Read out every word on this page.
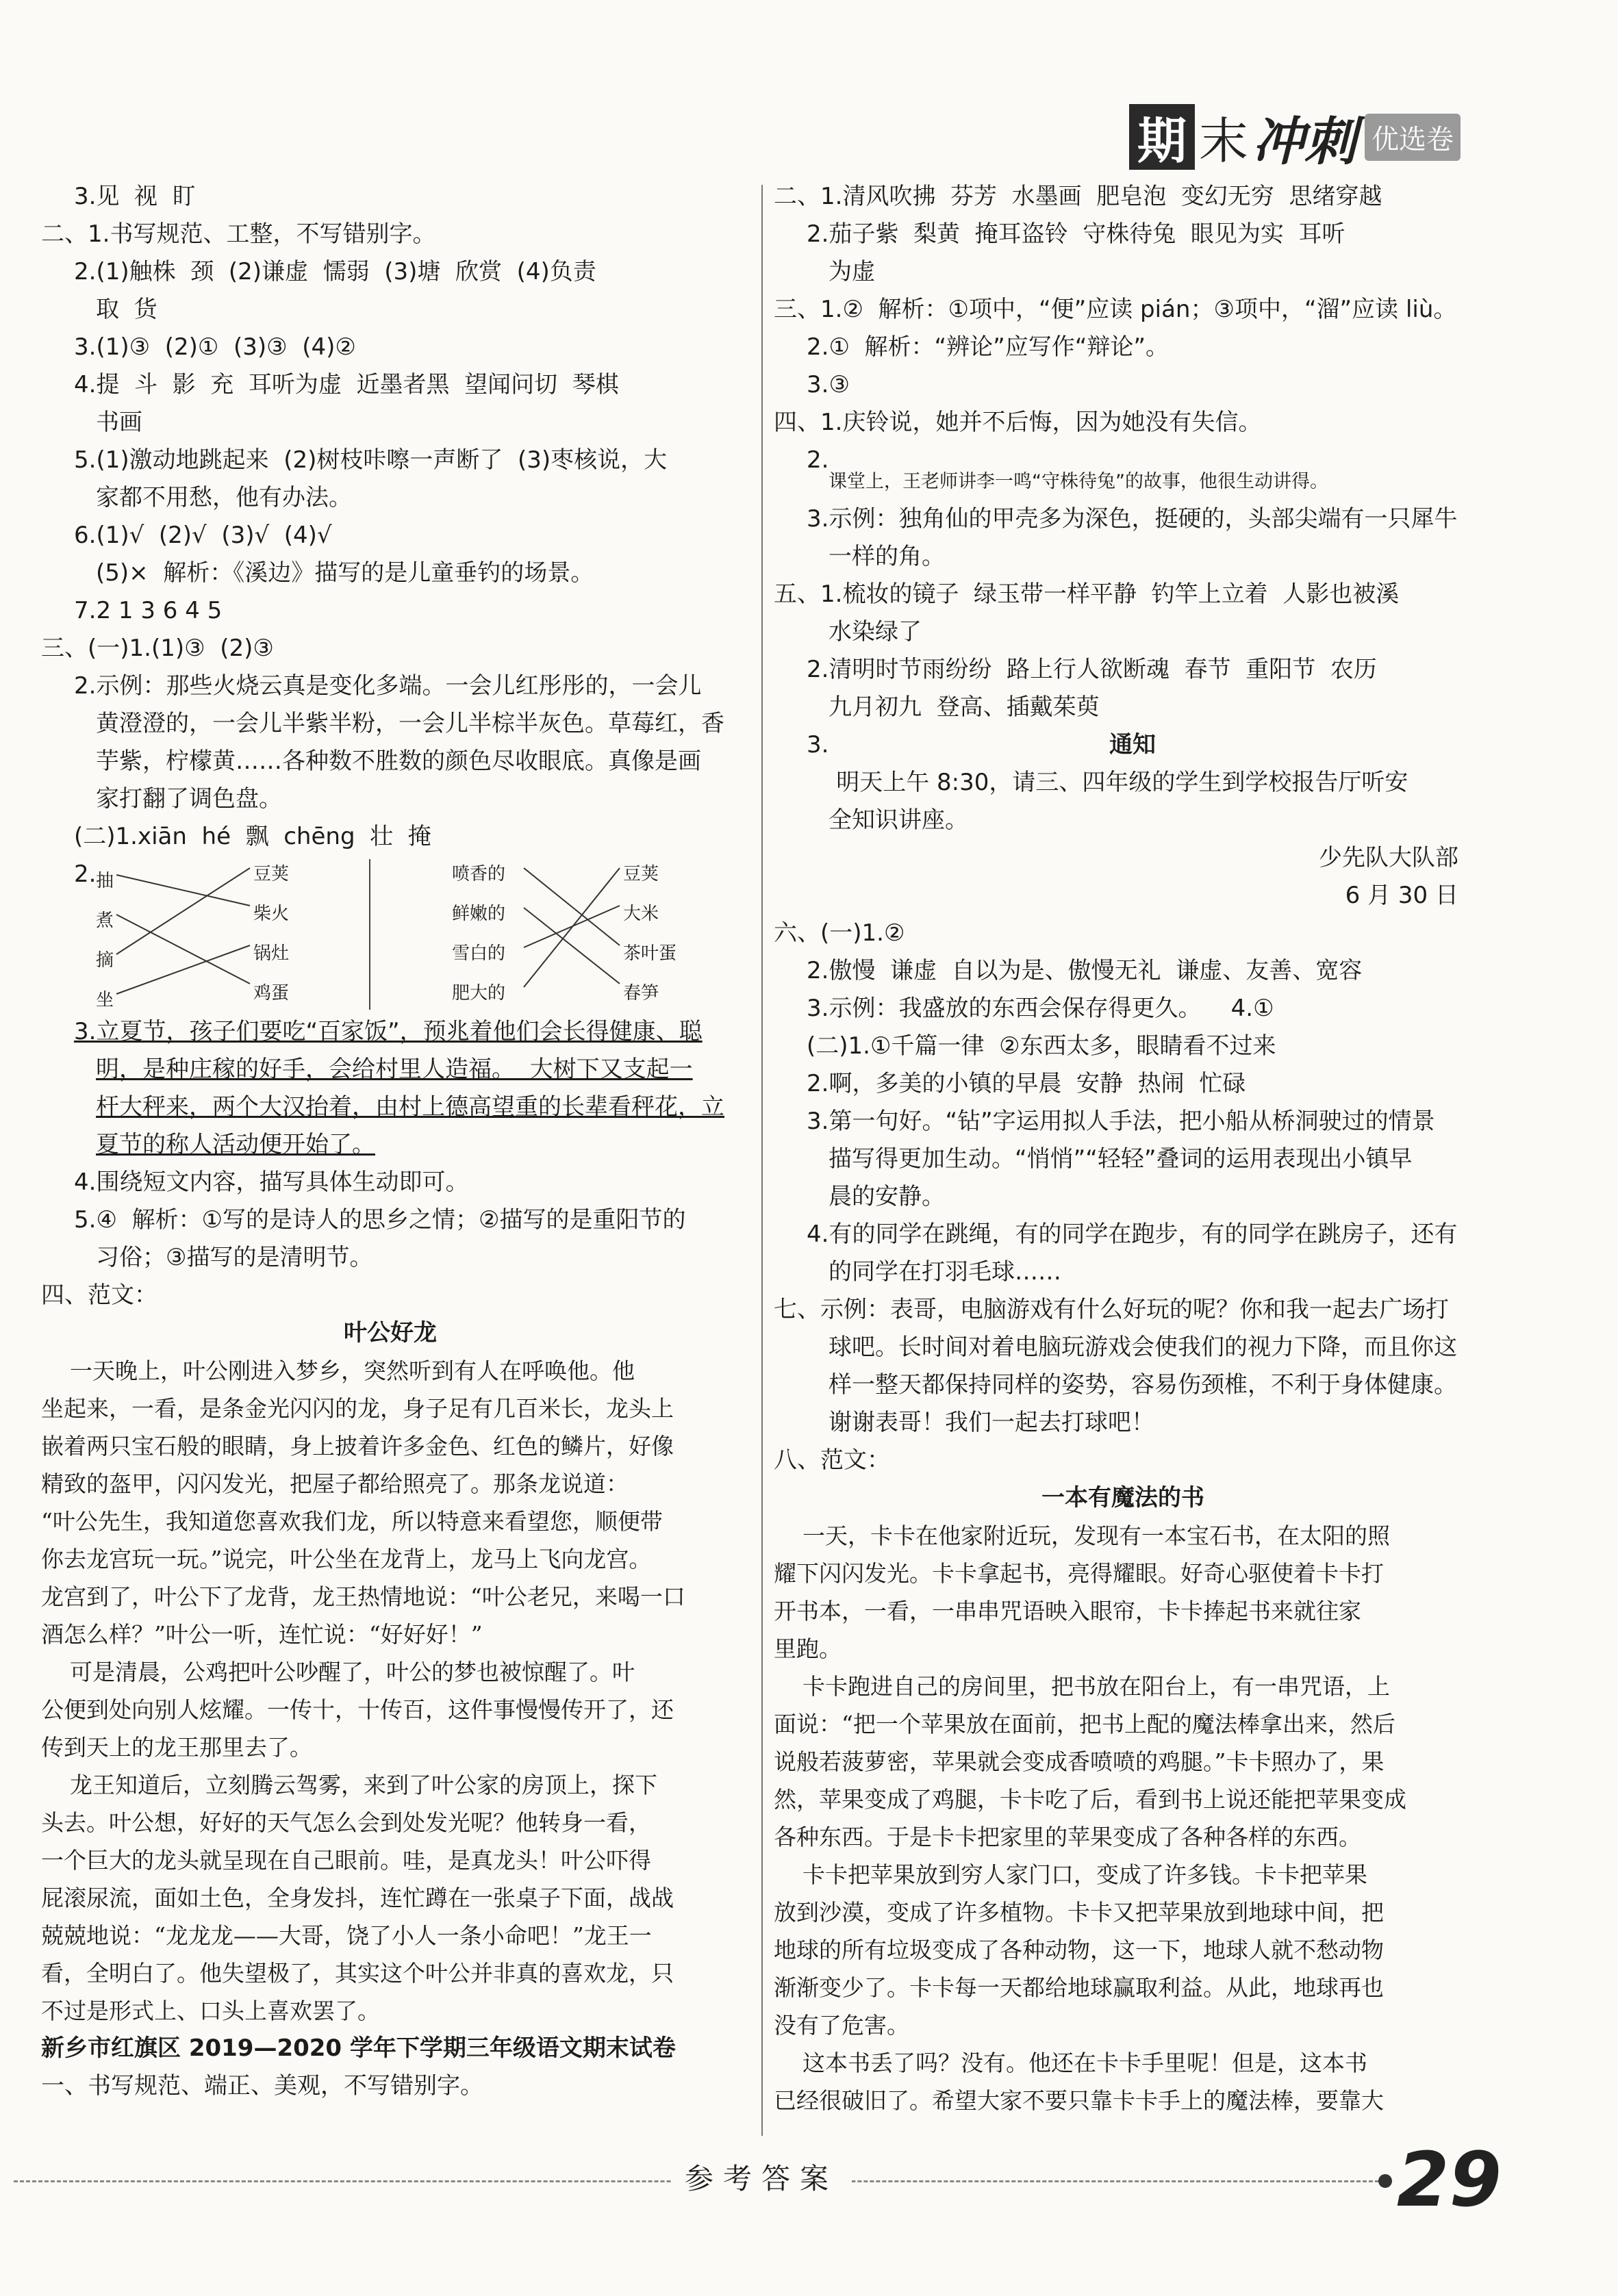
期 末 冲刺 优选卷
3.见  视  盯
二、1.书写规范、工整，不写错别字。
2.(1)触株  颈  (2)谦虚  懦弱  (3)塘  欣赏  (4)负责
取  货
3.(1)③  (2)①  (3)③  (4)②
4.提  斗  影  充  耳听为虚  近墨者黑  望闻问切  琴棋
书画
5.(1)激动地跳起来  (2)树枝咔嚓一声断了  (3)枣核说，大
家都不用愁，他有办法。
6.(1)√  (2)√  (3)√  (4)√
(5)×  解析：《溪边》描写的是儿童垂钓的场景。
7.2 1 3 6 4 5
三、(一)1.(1)③  (2)③
2.示例：那些火烧云真是变化多端。一会儿红彤彤的，一会儿
黄澄澄的，一会儿半紫半粉，一会儿半棕半灰色。草莓红，香
芋紫，柠檬黄……各种数不胜数的颜色尽收眼底。真像是画
家打翻了调色盘。
(二)1.xiān  hé  飘  chēng  壮  掩
2. 抽
煮
摘
坐
豆荚
柴火
锅灶
鸡蛋
喷香的
鲜嫩的
雪白的
肥大的
豆荚
大米
茶叶蛋
春笋
3.立夏节，孩子们要吃“百家饭”，预兆着他们会长得健康、聪
明，是种庄稼的好手，会给村里人造福。  大树下又支起一
杆大秤来，两个大汉抬着，由村上德高望重的长辈看秤花，立
夏节的称人活动便开始了。
4.围绕短文内容，描写具体生动即可。
5.④  解析：①写的是诗人的思乡之情；②描写的是重阳节的
习俗；③描写的是清明节。
四、范文：
叶公好龙
一天晚上，叶公刚进入梦乡，突然听到有人在呼唤他。他
坐起来，一看，是条金光闪闪的龙，身子足有几百米长，龙头上
嵌着两只宝石般的眼睛，身上披着许多金色、红色的鳞片，好像
精致的盔甲，闪闪发光，把屋子都给照亮了。那条龙说道：
“叶公先生，我知道您喜欢我们龙，所以特意来看望您，顺便带
你去龙宫玩一玩。”说完，叶公坐在龙背上，龙马上飞向龙宫。
龙宫到了，叶公下了龙背，龙王热情地说：“叶公老兄，来喝一口
酒怎么样？”叶公一听，连忙说：“好好好！”
可是清晨，公鸡把叶公吵醒了，叶公的梦也被惊醒了。叶
公便到处向别人炫耀。一传十，十传百，这件事慢慢传开了，还
传到天上的龙王那里去了。
龙王知道后，立刻腾云驾雾，来到了叶公家的房顶上，探下
头去。叶公想，好好的天气怎么会到处发光呢？他转身一看，
一个巨大的龙头就呈现在自己眼前。哇，是真龙头！叶公吓得
屁滚尿流，面如土色，全身发抖，连忙蹲在一张桌子下面，战战
兢兢地说：“龙龙龙——大哥，饶了小人一条小命吧！”龙王一
看，全明白了。他失望极了，其实这个叶公并非真的喜欢龙，只
不过是形式上、口头上喜欢罢了。
新乡市红旗区 2019—2020 学年下学期三年级语文期末试卷
一、书写规范、端正、美观，不写错别字。
二、1.清风吹拂  芬芳  水墨画  肥皂泡  变幻无穷  思绪穿越
2.茄子紫  梨黄  掩耳盗铃  守株待兔  眼见为实  耳听
为虚
三、1.②  解析：①项中，“便”应读 pián；③项中，“溜”应读 liù。
2.①  解析：“辨论”应写作“辩论”。
3.③
四、1.庆铃说，她并不后悔，因为她没有失信。
2.
课堂上，王老师讲李一鸣“守株待兔”的故事，他很生动讲得。
3.示例：独角仙的甲壳多为深色，挺硬的，头部尖端有一只犀牛
一样的角。
五、1.梳妆的镜子  绿玉带一样平静  钓竿上立着  人影也被溪
水染绿了
2.清明时节雨纷纷  路上行人欲断魂  春节  重阳节  农历
九月初九  登高、插戴茱萸
3.	通知
明天上午 8:30，请三、四年级的学生到学校报告厅听安
全知识讲座。
少先队大队部
6 月 30 日
六、(一)1.②
2.傲慢  谦虚  自以为是、傲慢无礼  谦虚、友善、宽容
3.示例：我盛放的东西会保存得更久。    4.①
(二)1.①千篇一律  ②东西太多，眼睛看不过来
2.啊，多美的小镇的早晨  安静  热闹  忙碌
3.第一句好。“钻”字运用拟人手法，把小船从桥洞驶过的情景
描写得更加生动。“悄悄”“轻轻”叠词的运用表现出小镇早
晨的安静。
4.有的同学在跳绳，有的同学在跑步，有的同学在跳房子，还有
的同学在打羽毛球……
七、示例：表哥，电脑游戏有什么好玩的呢？你和我一起去广场打
球吧。长时间对着电脑玩游戏会使我们的视力下降，而且你这
样一整天都保持同样的姿势，容易伤颈椎，不利于身体健康。
谢谢表哥！我们一起去打球吧！
八、范文：
一本有魔法的书
一天，卡卡在他家附近玩，发现有一本宝石书，在太阳的照
耀下闪闪发光。卡卡拿起书，亮得耀眼。好奇心驱使着卡卡打
开书本，一看，一串串咒语映入眼帘，卡卡捧起书来就往家
里跑。
卡卡跑进自己的房间里，把书放在阳台上，有一串咒语，上
面说：“把一个苹果放在面前，把书上配的魔法棒拿出来，然后
说般若菠萝密，苹果就会变成香喷喷的鸡腿。”卡卡照办了，果
然，苹果变成了鸡腿，卡卡吃了后，看到书上说还能把苹果变成
各种东西。于是卡卡把家里的苹果变成了各种各样的东西。
卡卡把苹果放到穷人家门口，变成了许多钱。卡卡把苹果
放到沙漠，变成了许多植物。卡卡又把苹果放到地球中间，把
地球的所有垃圾变成了各种动物，这一下，地球人就不愁动物
渐渐变少了。卡卡每一天都给地球赢取利益。从此，地球再也
没有了危害。
这本书丢了吗？没有。他还在卡卡手里呢！但是，这本书
已经很破旧了。希望大家不要只靠卡卡手上的魔法棒，要靠大
参考答案	29
